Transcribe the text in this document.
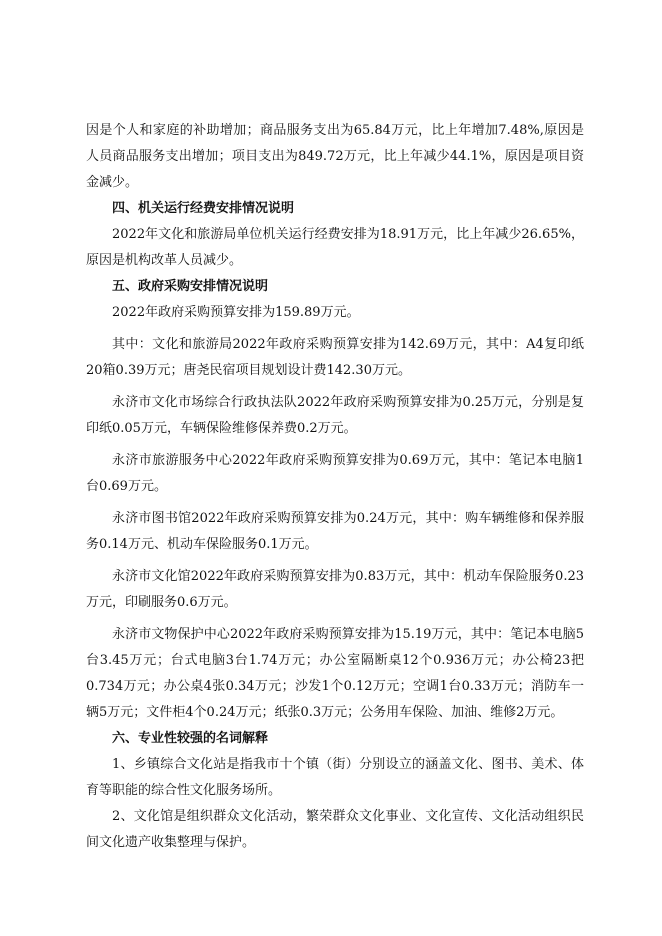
因是个人和家庭的补助增加；商品服务支出为65.84万元，比上年增加7.48%,原因是人员商品服务支出增加；项目支出为849.72万元，比上年减少44.1%，原因是项目资金减少。

四、机关运行经费安排情况说明

2022年文化和旅游局单位机关运行经费安排为18.91万元，比上年减少26.65%，原因是机构改革人员减少。

五、政府采购安排情况说明

2022年政府采购预算安排为159.89万元。

其中：文化和旅游局2022年政府采购预算安排为142.69万元，其中：A4复印纸20箱0.39万元；唐尧民宿项目规划设计费142.30万元。

永济市文化市场综合行政执法队2022年政府采购预算安排为0.25万元，分别是复印纸0.05万元，车辆保险维修保养费0.2万元。

永济市旅游服务中心2022年政府采购预算安排为0.69万元，其中：笔记本电脑1台0.69万元。

永济市图书馆2022年政府采购预算安排为0.24万元，其中：购车辆维修和保养服务0.14万元、机动车保险服务0.1万元。

永济市文化馆2022年政府采购预算安排为0.83万元，其中：机动车保险服务0.23万元，印刷服务0.6万元。

永济市文物保护中心2022年政府采购预算安排为15.19万元，其中：笔记本电脑5台3.45万元；台式电脑3台1.74万元；办公室隔断桌12个0.936万元；办公椅23把0.734万元；办公桌4张0.34万元；沙发1个0.12万元；空调1台0.33万元；消防车一辆5万元；文件柜4个0.24万元；纸张0.3万元；公务用车保险、加油、维修2万元。

六、专业性较强的名词解释

1、乡镇综合文化站是指我市十个镇（街）分别设立的涵盖文化、图书、美术、体育等职能的综合性文化服务场所。

2、文化馆是组织群众文化活动，繁荣群众文化事业、文化宣传、文化活动组织民间文化遗产收集整理与保护。
